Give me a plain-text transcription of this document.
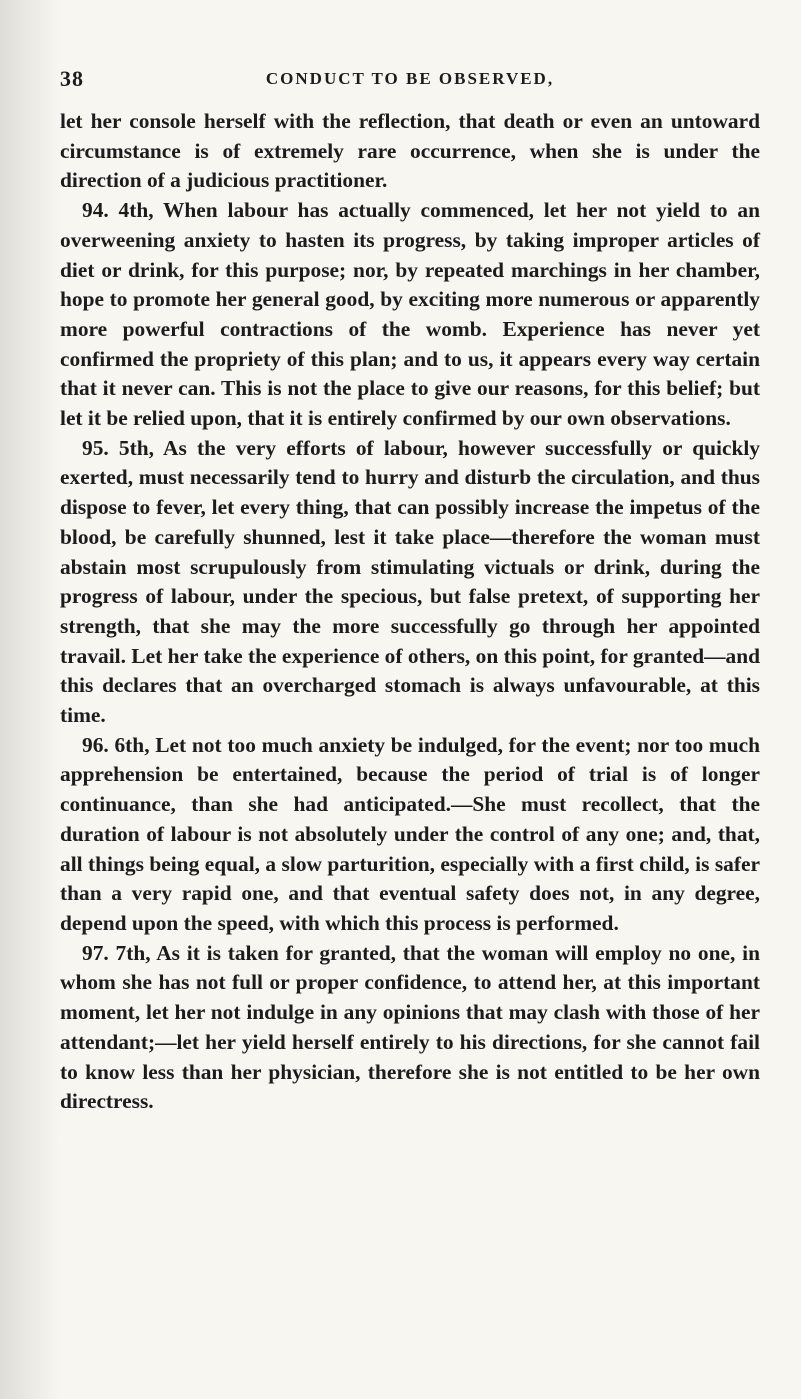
38	CONDUCT TO BE OBSERVED,

let her console herself with the reflection, that death or even an untoward circumstance is of extremely rare occurrence, when she is under the direction of a judicious practitioner.

94. 4th, When labour has actually commenced, let her not yield to an overweening anxiety to hasten its progress, by taking improper articles of diet or drink, for this purpose; nor, by repeated marchings in her chamber, hope to promote her general good, by exciting more numerous or apparently more powerful contractions of the womb. Experience has never yet confirmed the propriety of this plan; and to us, it appears every way certain that it never can. This is not the place to give our reasons, for this belief; but let it be relied upon, that it is entirely confirmed by our own observations.

95. 5th, As the very efforts of labour, however successfully or quickly exerted, must necessarily tend to hurry and disturb the circulation, and thus dispose to fever, let every thing, that can possibly increase the impetus of the blood, be carefully shunned, lest it take place—therefore the woman must abstain most scrupulously from stimulating victuals or drink, during the progress of labour, under the specious, but false pretext, of supporting her strength, that she may the more successfully go through her appointed travail. Let her take the experience of others, on this point, for granted—and this declares that an overcharged stomach is always unfavourable, at this time.

96. 6th, Let not too much anxiety be indulged, for the event; nor too much apprehension be entertained, because the period of trial is of longer continuance, than she had anticipated.—She must recollect, that the duration of labour is not absolutely under the control of any one; and, that, all things being equal, a slow parturition, especially with a first child, is safer than a very rapid one, and that eventual safety does not, in any degree, depend upon the speed, with which this process is performed.

97. 7th, As it is taken for granted, that the woman will employ no one, in whom she has not full or proper confidence, to attend her, at this important moment, let her not indulge in any opinions that may clash with those of her attendant;—let her yield herself entirely to his directions, for she cannot fail to know less than her physician, therefore she is not entitled to be her own directress.
